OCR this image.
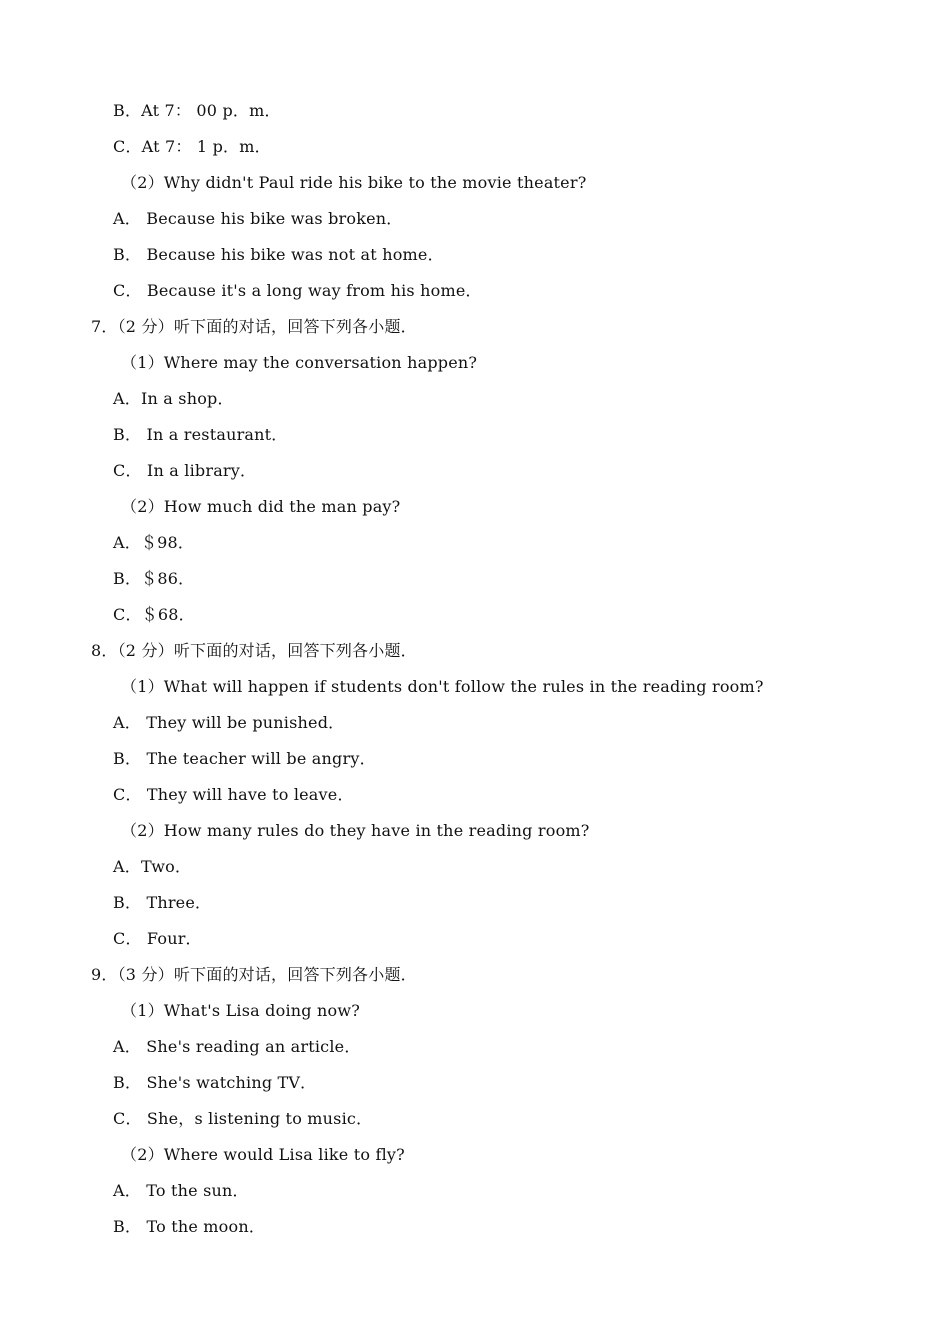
B．At 7： 00 p．m．
C．At 7： 1 p．m．
（2）Why didn't Paul ride his bike to the movie theater?
A． Because his bike was broken．
B． Because his bike was not at home．
C． Because it's a long way from his home．
7．（2 分）听下面的对话，回答下列各小题．
（1）Where may the conversation happen?
A．In a shop．
B． In a restaurant．
C． In a library．
（2）How much did the man pay?
A．＄98．
B．＄86．
C．＄68．
8．（2 分）听下面的对话，回答下列各小题．
（1）What will happen if students don't follow the rules in the reading room?
A． They will be punished．
B． The teacher will be angry．
C． They will have to leave．
（2）How many rules do they have in the reading room?
A．Two．
B． Three．
C． Four．
9．（3 分）听下面的对话，回答下列各小题．
（1）What's Lisa doing now?
A． She's reading an article．
B． She's watching TV．
C． She，s listening to music．
（2）Where would Lisa like to fly?
A． To the sun．
B． To the moon．
